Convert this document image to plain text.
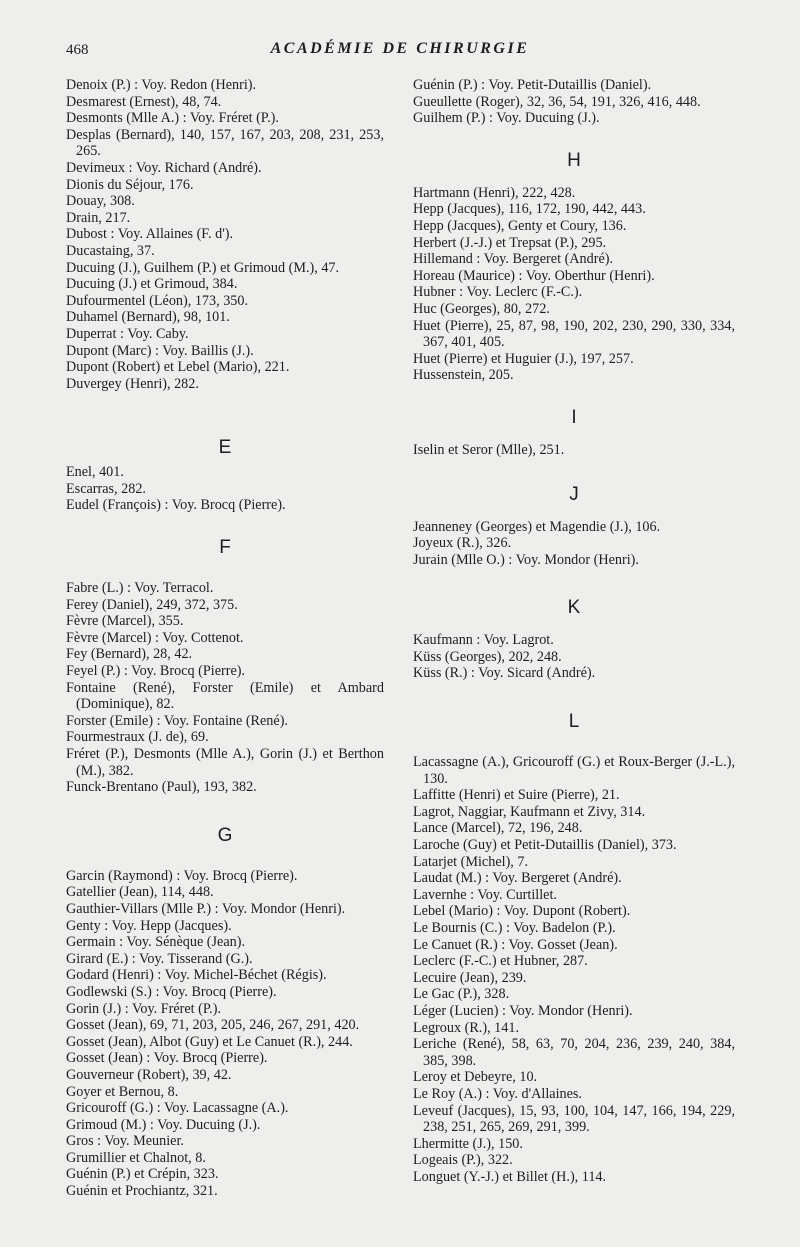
468	ACADÉMIE DE CHIRURGIE

Denoix (P.) : Voy. Redon (Henri).

Desmarest (Ernest), 48, 74.

Desmonts (Mlle A.) : Voy. Fréret (P.).

Desplas (Bernard), 140, 157, 167, 203, 208, 231, 253, 265.

Devimeux : Voy. Richard (André).

Dionis du Séjour, 176.

Douay, 308.

Drain, 217.

Dubost : Voy. Allaines (F. d').

Ducastaing, 37.

Ducuing (J.), Guilhem (P.) et Grimoud (M.), 47.

Ducuing (J.) et Grimoud, 384.

Dufourmentel (Léon), 173, 350.

Duhamel (Bernard), 98, 101.

Duperrat : Voy. Caby.

Dupont (Marc) : Voy. Baillis (J.).

Dupont (Robert) et Lebel (Mario), 221.

Duvergey (Henri), 282.

E

Enel, 401.

Escarras, 282.

Eudel (François) : Voy. Brocq (Pierre).

F

Fabre (L.) : Voy. Terracol.

Ferey (Daniel), 249, 372, 375.

Fèvre (Marcel), 355.

Fèvre (Marcel) : Voy. Cottenot.

Fey (Bernard), 28, 42.

Feyel (P.) : Voy. Brocq (Pierre).

Fontaine (René), Forster (Emile) et Ambard (Dominique), 82.

Forster (Emile) : Voy. Fontaine (René).

Fourmestraux (J. de), 69.

Fréret (P.), Desmonts (Mlle A.), Gorin (J.) et Berthon (M.), 382.

Funck-Brentano (Paul), 193, 382.

G

Garcin (Raymond) : Voy. Brocq (Pierre).

Gatellier (Jean), 114, 448.

Gauthier-Villars (Mlle P.) : Voy. Mondor (Henri).

Genty : Voy. Hepp (Jacques).

Germain : Voy. Sénèque (Jean).

Girard (E.) : Voy. Tisserand (G.).

Godard (Henri) : Voy. Michel-Béchet (Régis).

Godlewski (S.) : Voy. Brocq (Pierre).

Gorin (J.) : Voy. Fréret (P.).

Gosset (Jean), 69, 71, 203, 205, 246, 267, 291, 420.

Gosset (Jean), Albot (Guy) et Le Canuet (R.), 244.

Gosset (Jean) : Voy. Brocq (Pierre).

Gouverneur (Robert), 39, 42.

Goyer et Bernou, 8.

Gricouroff (G.) : Voy. Lacassagne (A.).

Grimoud (M.) : Voy. Ducuing (J.).

Gros : Voy. Meunier.

Grumillier et Chalnot, 8.

Guénin (P.) et Crépin, 323.

Guénin et Prochiantz, 321.

Guénin (P.) : Voy. Petit-Dutaillis (Daniel).

Gueullette (Roger), 32, 36, 54, 191, 326, 416, 448.

Guilhem (P.) : Voy. Ducuing (J.).

H

Hartmann (Henri), 222, 428.

Hepp (Jacques), 116, 172, 190, 442, 443.

Hepp (Jacques), Genty et Coury, 136.

Herbert (J.-J.) et Trepsat (P.), 295.

Hillemand : Voy. Bergeret (André).

Horeau (Maurice) : Voy. Oberthur (Henri).

Hubner : Voy. Leclerc (F.-C.).

Huc (Georges), 80, 272.

Huet (Pierre), 25, 87, 98, 190, 202, 230, 290, 330, 334, 367, 401, 405.

Huet (Pierre) et Huguier (J.), 197, 257.

Hussenstein, 205.

I

Iselin et Seror (Mlle), 251.

J

Jeanneney (Georges) et Magendie (J.), 106.

Joyeux (R.), 326.

Jurain (Mlle O.) : Voy. Mondor (Henri).

K

Kaufmann : Voy. Lagrot.

Küss (Georges), 202, 248.

Küss (R.) : Voy. Sicard (André).

L

Lacassagne (A.), Gricouroff (G.) et Roux-Berger (J.-L.), 130.

Laffitte (Henri) et Suire (Pierre), 21.

Lagrot, Naggiar, Kaufmann et Zivy, 314.

Lance (Marcel), 72, 196, 248.

Laroche (Guy) et Petit-Dutaillis (Daniel), 373.

Latarjet (Michel), 7.

Laudat (M.) : Voy. Bergeret (André).

Lavernhe : Voy. Curtillet.

Lebel (Mario) : Voy. Dupont (Robert).

Le Bournis (C.) : Voy. Badelon (P.).

Le Canuet (R.) : Voy. Gosset (Jean).

Leclerc (F.-C.) et Hubner, 287.

Lecuire (Jean), 239.

Le Gac (P.), 328.

Léger (Lucien) : Voy. Mondor (Henri).

Legroux (R.), 141.

Leriche (René), 58, 63, 70, 204, 236, 239, 240, 384, 385, 398.

Leroy et Debeyre, 10.

Le Roy (A.) : Voy. d'Allaines.

Leveuf (Jacques), 15, 93, 100, 104, 147, 166, 194, 229, 238, 251, 265, 269, 291, 399.

Lhermitte (J.), 150.

Logeais (P.), 322.

Longuet (Y.-J.) et Billet (H.), 114.
